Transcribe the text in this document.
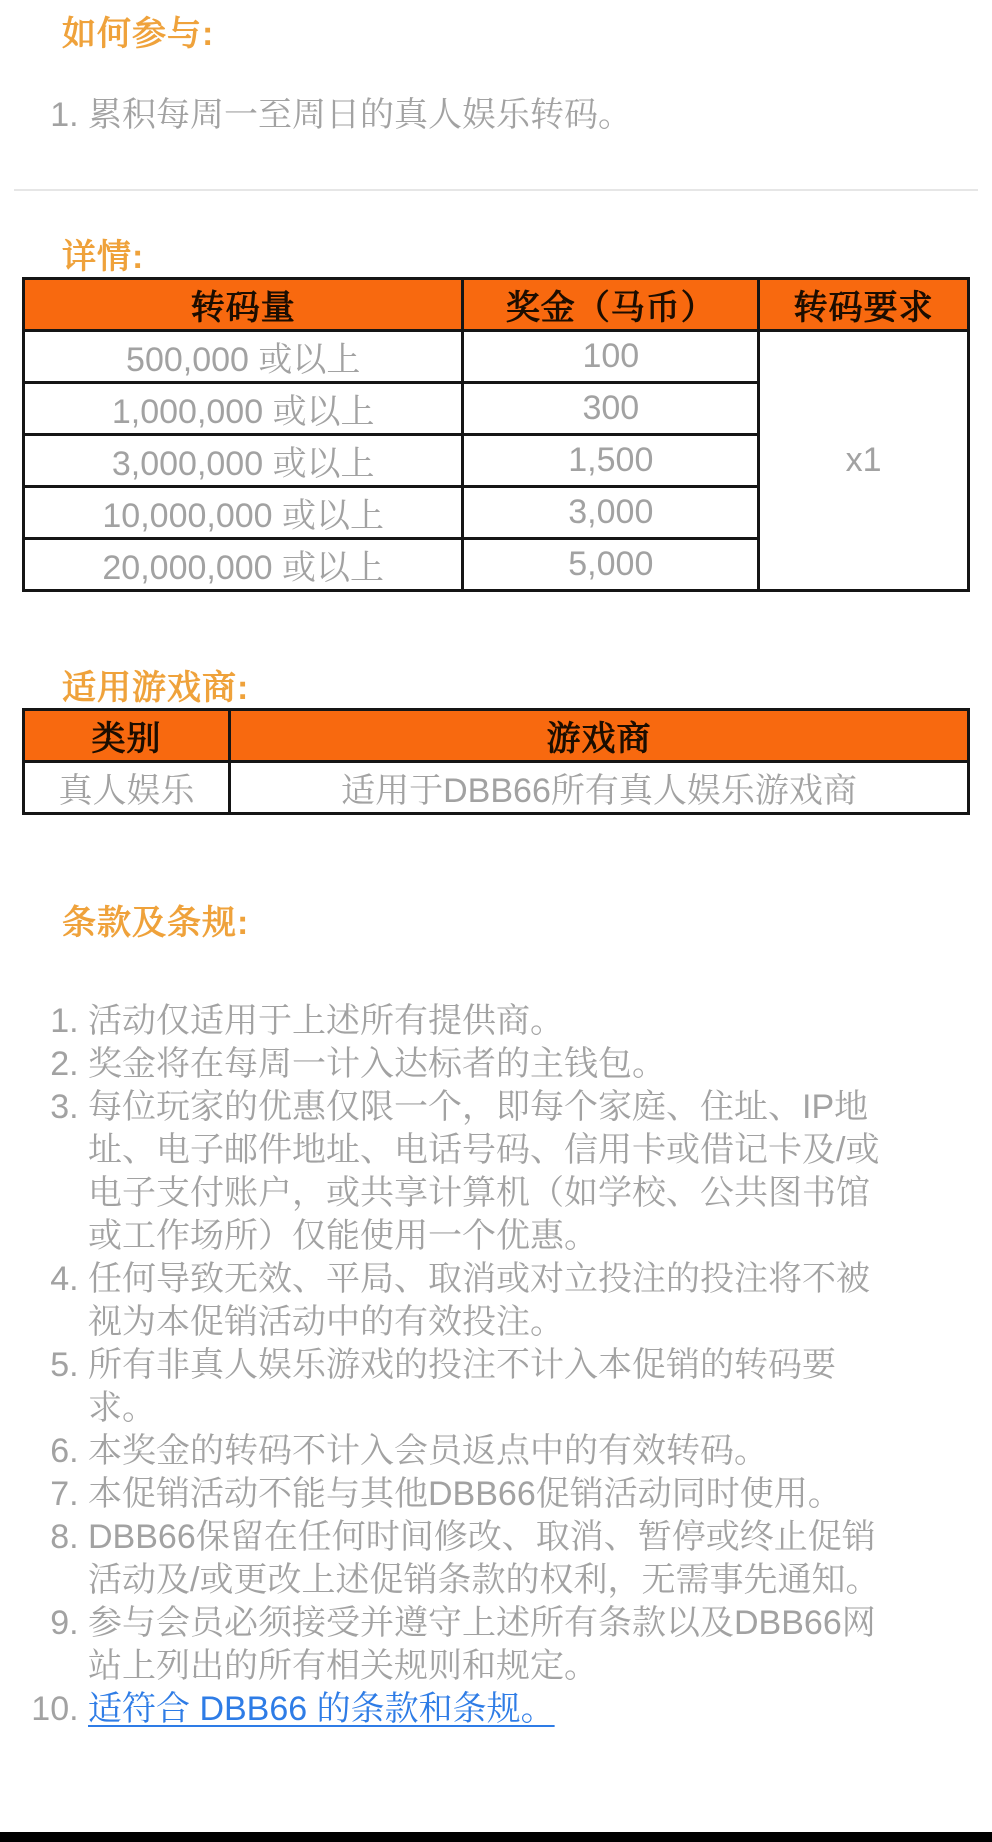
如何参与:
1. 累积每周一至周日的真人娱乐转码。
详情:
转码量	奖金（马币）	转码要求
500,000 或以上	100	x1
1,000,000 或以上	300	
3,000,000 或以上	1,500	
10,000,000 或以上	3,000	
20,000,000 或以上	5,000	
适用游戏商:
类别	游戏商
真人娱乐	适用于DBB66所有真人娱乐游戏商
条款及条规:
1. 活动仅适用于上述所有提供商。
2. 奖金将在每周一计入达标者的主钱包。
3. 每位玩家的优惠仅限一个，即每个家庭、住址、IP地址、电子邮件地址、电话号码、信用卡或借记卡及/或电子支付账户，或共享计算机（如学校、公共图书馆或工作场所）仅能使用一个优惠。
4. 任何导致无效、平局、取消或对立投注的投注将不被视为本促销活动中的有效投注。
5. 所有非真人娱乐游戏的投注不计入本促销的转码要求。
6. 本奖金的转码不计入会员返点中的有效转码。
7. 本促销活动不能与其他DBB66促销活动同时使用。
8. DBB66保留在任何时间修改、取消、暂停或终止促销活动及/或更改上述促销条款的权利，无需事先通知。
9. 参与会员必须接受并遵守上述所有条款以及DBB66网站上列出的所有相关规则和规定。
10. 适符合 DBB66 的条款和条规。
